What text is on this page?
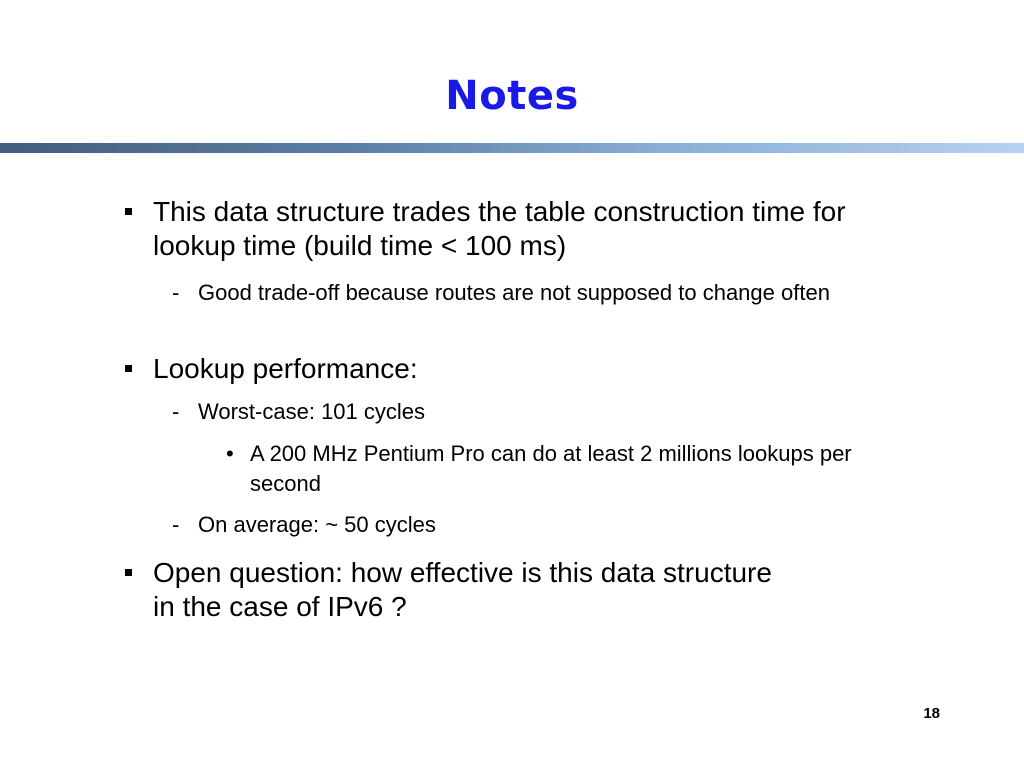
Notes
This data structure trades the table construction time for lookup time (build time < 100 ms)
- Good trade-off because routes are not supposed to change often
Lookup performance:
- Worst-case: 101 cycles
• A 200 MHz Pentium Pro can do at least 2 millions lookups per second
- On average: ~ 50 cycles
Open question: how effective is this data structure in the case of IPv6 ?
18
